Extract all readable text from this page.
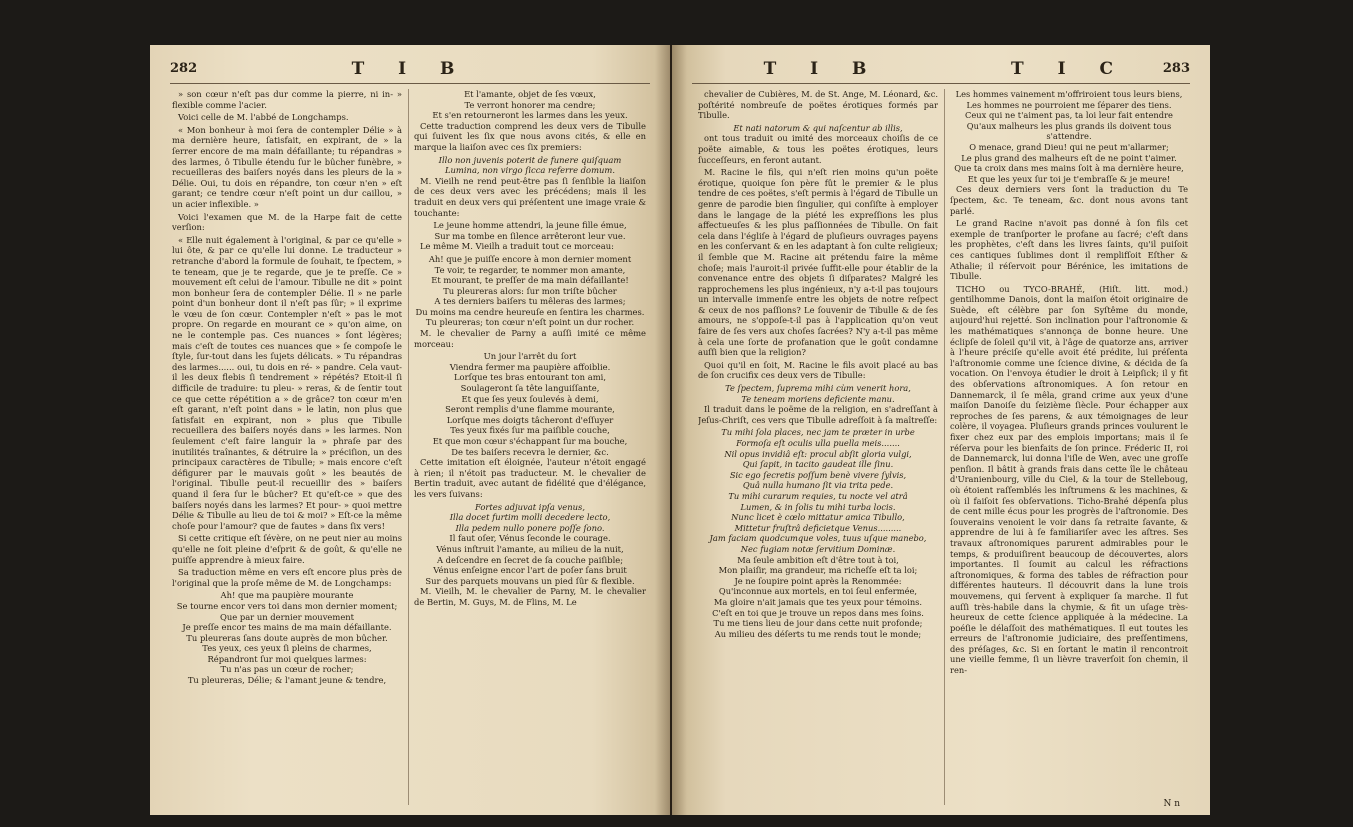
282	T I B

» son cœur n'eſt pas dur comme la pierre, ni in- » flexible comme l'acier.

Voici celle de M. l'abbé de Longchamps.

« Mon bonheur à moi ſera de contempler Délie » à ma dernière heure, ſatisfait, en expirant, de » la ſerrer encore de ma main défaillante; tu répandras » des larmes, ô Tibulle étendu ſur le bûcher funèbre, » recueilleras des baiſers noyés dans les pleurs de la » Délie. Oui, tu dois en répandre, ton cœur n'en » eſt garant; ce tendre cœur n'eſt point un dur caillou, » un acier inflexible. »

Voici l'examen que M. de la Harpe fait de cette verſion:

« Elle nuit également à l'original, & par ce qu'elle » lui ôte, & par ce qu'elle lui donne. Le traducteur » retranche d'abord la formule de ſouhait, te ſpectem, » te teneam, que je te regarde, que je te preſſe. Ce » mouvement eſt celui de l'amour. Tibulle ne dit » point mon bonheur ſera de contempler Délie. Il » ne parle point d'un bonheur dont il n'eſt pas ſûr; » il exprime le vœu de ſon cœur. Contempler n'eſt » pas le mot propre. On regarde en mourant ce » qu'on aime, on ne le contemple pas. Ces nuances » ſont légères; mais c'eſt de toutes ces nuances que » ſe compoſe le ſtyle, ſur-tout dans les ſujets délicats. » Tu répandras des larmes...... oui, tu dois en ré- » pandre. Cela vaut-il les deux flebis ſi tendrement » répétés? Etoit-il ſi difficile de traduire: tu pleu- » reras, & de ſentir tout ce que cette répétition a » de grâce? ton cœur m'en eſt garant, n'eſt point dans » le latin, non plus que ſatisfait en expirant, non » plus que Tibulle recueillera des baiſers noyés dans » les larmes. Non ſeulement c'eſt faire languir la » phraſe par des inutilités traînantes, & détruire la » préciſion, un des principaux caractères de Tibulle; » mais encore c'eſt défigurer par le mauvais goût » les beautés de l'original. Tibulle peut-il recueillir des » baiſers quand il ſera ſur le bûcher? Et qu'eſt-ce » que des baiſers noyés dans les larmes? Et pour- » quoi mettre Délie & Tibulle au lieu de toi & moi? » Eſt-ce la même choſe pour l'amour? que de fautes » dans ſix vers!

Si cette critique eſt ſévère, on ne peut nier au moins qu'elle ne ſoit pleine d'eſprit & de goût, & qu'elle ne puiſſe apprendre à mieux faire.

Sa traduction même en vers eſt encore plus près de l'original que la proſe même de M. de Longchamps:

Ah! que ma paupière mourante
Se tourne encor vers toi dans mon dernier moment;
Que par un dernier mouvement
Je preſſe encor tes mains de ma main défaillante.
Tu pleureras ſans doute auprès de mon bûcher.
Tes yeux, ces yeux ſi pleins de charmes,
Répandront ſur moi quelques larmes:
Tu n'as pas un cœur de rocher;
Tu pleureras, Délie; & l'amant jeune & tendre,
Et l'amante, objet de ſes vœux,
Te verront honorer ma cendre;
Et s'en retourneront les larmes dans les yeux.

Cette traduction comprend les deux vers de Tibulle qui ſuivent les ſix que nous avons cités, & elle en marque la liaiſon avec ces ſix premiers:

Illo non juvenis poterit de funere quiſquam
Lumina, non virgo ſicca referre domum.

M. Vieilh ne rend peut-être pas ſi ſenſible la liaiſon de ces deux vers avec les précédens; mais il les traduit en deux vers qui préſentent une image vraie & touchante:

Le jeune homme attendri, la jeune fille émue,
Sur ma tombe en ſilence arrêteront leur vue.

Le même M. Vieilh a traduit tout ce morceau:

Ah! que je puiſſe encore à mon dernier moment
Te voir, te regarder, te nommer mon amante,
Et mourant, te preſſer de ma main défaillante!
Tu pleureras alors: ſur mon triſte bûcher
A tes derniers baiſers tu mêleras des larmes;
Du moins ma cendre heureuſe en ſentira les charmes.
Tu pleureras; ton cœur n'eſt point un dur rocher.

M. le chevalier de Parny a auſſi imité ce même morceau:

Un jour l'arrêt du ſort
Viendra fermer ma paupière affoiblie.
Lorſque tes bras entourant ton ami,
Soulageront ſa tête languiſſante,
Et que ſes yeux ſoulevés à demi,
Seront remplis d'une flamme mourante,
Lorſque mes doigts tâcheront d'eſſuyer
Tes yeux fixés ſur ma paiſible couche,
Et que mon cœur s'échappant ſur ma bouche,
De tes baiſers recevra le dernier, &c.

Cette imitation eſt éloignée, l'auteur n'étoit engagé à rien; il n'étoit pas traducteur. M. le chevalier de Bertin traduit, avec autant de fidélité que d'élégance, les vers ſuivans:

Fortes adjuvat ipſa venus,
Illa docet furtim molli decedere lecto,
Illa pedem nullo ponere poſſe ſono.
Il faut oſer, Vénus ſeconde le courage.
Vénus inſtruit l'amante, au milieu de la nuit,
A deſcendre en ſecret de ſa couche paiſible;
Vénus enſeigne encor l'art de poſer ſans bruit
Sur des parquets mouvans un pied ſûr & flexible.

M. Vieilh, M. le chevalier de Parny, M. le chevalier de Bertin, M. Guys, M. de Flins, M. Le

T I B	T I C	283

chevalier de Cubières, M. de St. Ange, M. Léonard, &c. poſtérité nombreuſe de poëtes érotiques formés par Tibulle.

Et nati natorum & qui naſcentur ab illis,

ont tous traduit ou imité des morceaux choiſis de ce poëte aimable, & tous les poëtes érotiques, leurs ſucceſſeurs, en feront autant.

M. Racine le fils, qui n'eſt rien moins qu'un poëte érotique, quoique ſon père fût le premier & le plus tendre de ces poëtes, s'eſt permis à l'égard de Tibulle un genre de parodie bien ſingulier, qui conſiſte à employer dans le langage de la piété les expreſſions les plus affectueuſes & les plus paſſionnées de Tibulle. On fait cela dans l'égliſe à l'égard de pluſieurs ouvrages payens en les conſervant & en les adaptant à ſon culte religieux; il ſemble que M. Racine ait prétendu faire la même choſe; mais l'auroit-il privée ſuffit-elle pour établir de la convenance entre des objets ſi diſparates? Malgré les rapprochemens les plus ingénieux, n'y a-t-il pas toujours un intervalle immenſe entre les objets de notre reſpect & ceux de nos paſſions? Le ſouvenir de Tibulle & de ſes amours, ne s'oppoſe-t-il pas à l'application qu'on veut faire de ſes vers aux choſes ſacrées? N'y a-t-il pas même à cela une ſorte de profanation que le goût condamne auſſi bien que la religion?

Quoi qu'il en ſoit, M. Racine le fils avoit placé au bas de ſon crucifix ces deux vers de Tibulle:

Te ſpectem, ſuprema mihi cùm venerit hora,
Te teneam moriens deficiente manu.

Il traduit dans le poëme de la religion, en s'adreſſant à Jeſus-Chriſt, ces vers que Tibulle adreſſoit à ſa maîtreſſe:

Tu mihi ſola places, nec jam te præter in urbe
Formoſa eſt oculis ulla puella meis.......
Nil opus invidiâ eſt: procul abſit gloria vulgi,
Qui ſapit, in tacito gaudeat ille ſinu.
Sic ego ſecretis poſſum benè vivere ſylvis,
Quâ nulla humano ſit via trita pede.
Tu mihi curarum requies, tu nocte vel atrâ
Lumen, & in ſolis tu mihi turba locis.
Nunc licet è cœlo mittatur amica Tibullo,
Mittetur fruſtrâ deficietque Venus.........
Jam faciam quodcumque voles, tuus uſque manebo,
Nec fugiam notæ ſervitium Dominæ.
Ma ſeule ambition eſt d'être tout à toi,
Mon plaiſir, ma grandeur, ma richeſſe eſt ta loi;
Je ne ſoupire point après la Renommée:
Qu'inconnue aux mortels, en toi ſeul enfermée,
Ma gloire n'ait jamais que tes yeux pour témoins.
C'eſt en toi que je trouve un repos dans mes ſoins.
Tu me tiens lieu de jour dans cette nuit profonde;
Au milieu des déſerts tu me rends tout le monde;
Les hommes vainement m'offriroient tous leurs biens,
Les hommes ne pourroient me ſéparer des tiens.
Ceux qui ne t'aiment pas, ta loi leur fait entendre
Qu'aux malheurs les plus grands ils doivent tous s'attendre.
O menace, grand Dieu! qui ne peut m'allarmer;
Le plus grand des malheurs eſt de ne point t'aimer.
Que ta croix dans mes mains ſoit à ma dernière heure,
Et que les yeux ſur toi je t'embraſſe & je meure!

Ces deux derniers vers ſont la traduction du Te ſpectem, &c. Te teneam, &c. dont nous avons tant parlé.

Le grand Racine n'avoit pas donné à ſon fils cet exemple de tranſporter le profane au ſacré; c'eſt dans les prophètes, c'eſt dans les livres ſaints, qu'il puiſoit ces cantiques ſublimes dont il remplifſoit Eſther & Athalie; il réſervoit pour Bérénice, les imitations de Tibulle.

TICHO ou TYCO-BRAHÉ, (Hiſt. litt. mod.) gentilhomme Danois, dont la maiſon étoit originaire de Suède, eſt célèbre par ſon Syſtême du monde, aujourd'hui rejetté. Son inclination pour l'aſtronomie & les mathématiques s'annonça de bonne heure. Une éclipſe de ſoleil qu'il vit, à l'âge de quatorze ans, arriver à l'heure préciſe qu'elle avoit été prédite, lui préſenta l'aſtronomie comme une ſcience divine, & décida de ſa vocation. On l'envoya étudier le droit à Leipſick; il y fit des obſervations aſtronomiques. A ſon retour en Dannemarck, il ſe mêla, grand crime aux yeux d'une maiſon Danoiſe du ſeizième ſiècle. Pour échapper aux reproches de ſes parens, & aux témoignages de leur colère, il voyagea. Pluſieurs grands princes voulurent le fixer chez eux par des emplois importans; mais il ſe réſerva pour les bienfaits de ſon prince. Fréderic II, roi de Dannemarck, lui donna l'iſle de Wen, avec une groſſe penſion. Il bâtit à grands frais dans cette île le château d'Uranienbourg, ville du Ciel, & la tour de Stelleboug, où étoient raſſemblés les inſtrumens & les machines, & où il faiſoit ſes obſervations. Ticho-Brahé dépenſa plus de cent mille écus pour les progrès de l'aſtronomie. Des ſouverains venoient le voir dans ſa retraite ſavante, & apprendre de lui à ſe familiariſer avec les aſtres. Ses travaux aſtronomiques parurent admirables pour le temps, & produiſirent beaucoup de découvertes, alors importantes. Il ſoumit au calcul les réfractions aſtronomiques, & forma des tables de réfraction pour différentes hauteurs. Il découvrit dans la lune trois mouvemens, qui ſervent à expliquer ſa marche. Il fut auſſi très-habile dans la chymie, & fit un uſage très-heureux de cette ſcience appliquée à la médecine. La poéſie le délaſſoit des mathématiques. Il eut toutes les erreurs de l'aſtronomie judiciaire, des preſſentimens, des préſages, &c. Si en ſortant le matin il rencontroit une vieille femme, ſi un lièvre traverſoit ſon chemin, il ren-

N n
